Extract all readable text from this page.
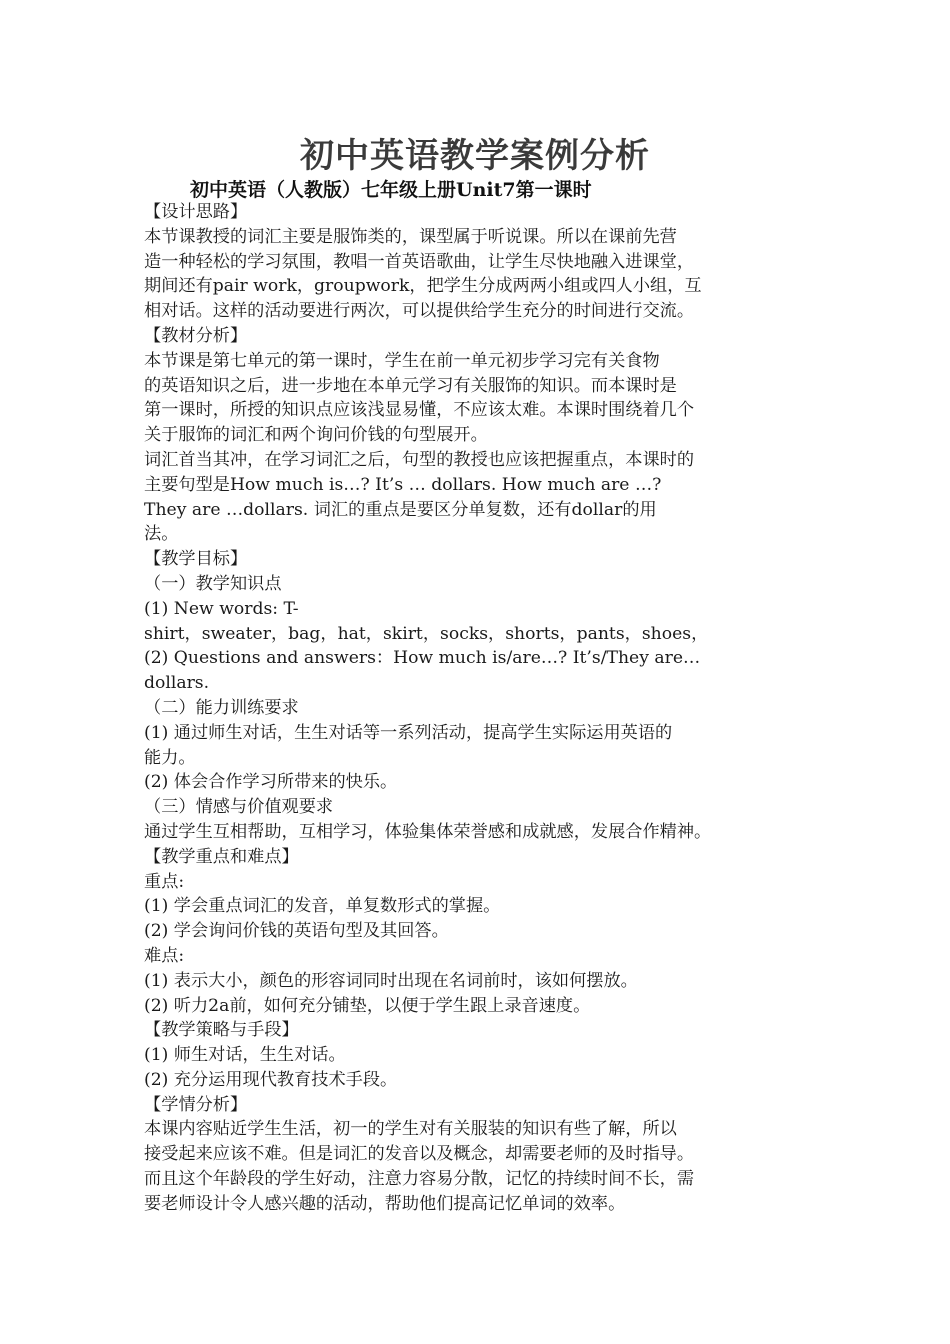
初中英语教学案例分析
初中英语（人教版）七年级上册Unit7第一课时
【设计思路】
本节课教授的词汇主要是服饰类的，课型属于听说课。所以在课前先营
造一种轻松的学习氛围，教唱一首英语歌曲，让学生尽快地融入进课堂，
期间还有pair work，groupwork，把学生分成两两小组或四人小组，互
相对话。这样的活动要进行两次，可以提供给学生充分的时间进行交流。
【教材分析】
本节课是第七单元的第一课时，学生在前一单元初步学习完有关食物
的英语知识之后，进一步地在本单元学习有关服饰的知识。而本课时是
第一课时，所授的知识点应该浅显易懂，不应该太难。本课时围绕着几个
关于服饰的词汇和两个询问价钱的句型展开。
词汇首当其冲，在学习词汇之后，句型的教授也应该把握重点，本课时的
主要句型是How much is…? It’s … dollars. How much are …?
They are …dollars. 词汇的重点是要区分单复数，还有dollar的用
法。
【教学目标】
（一）教学知识点
(1) New words: T-
shirt，sweater，bag，hat，skirt，socks，shorts，pants，shoes，
(2) Questions and answers：How much is/are…? It’s/They are…
dollars.
（二）能力训练要求
(1) 通过师生对话，生生对话等一系列活动，提高学生实际运用英语的
能力。
(2) 体会合作学习所带来的快乐。
（三）情感与价值观要求
通过学生互相帮助，互相学习，体验集体荣誉感和成就感，发展合作精神。
【教学重点和难点】
重点:
(1) 学会重点词汇的发音，单复数形式的掌握。
(2) 学会询问价钱的英语句型及其回答。
难点:
(1) 表示大小，颜色的形容词同时出现在名词前时，该如何摆放。
(2) 听力2a前，如何充分铺垫，以便于学生跟上录音速度。
【教学策略与手段】
(1) 师生对话，生生对话。
(2) 充分运用现代教育技术手段。
【学情分析】
本课内容贴近学生生活，初一的学生对有关服装的知识有些了解，所以
接受起来应该不难。但是词汇的发音以及概念，却需要老师的及时指导。
而且这个年龄段的学生好动，注意力容易分散，记忆的持续时间不长，需
要老师设计令人感兴趣的活动，帮助他们提高记忆单词的效率。
